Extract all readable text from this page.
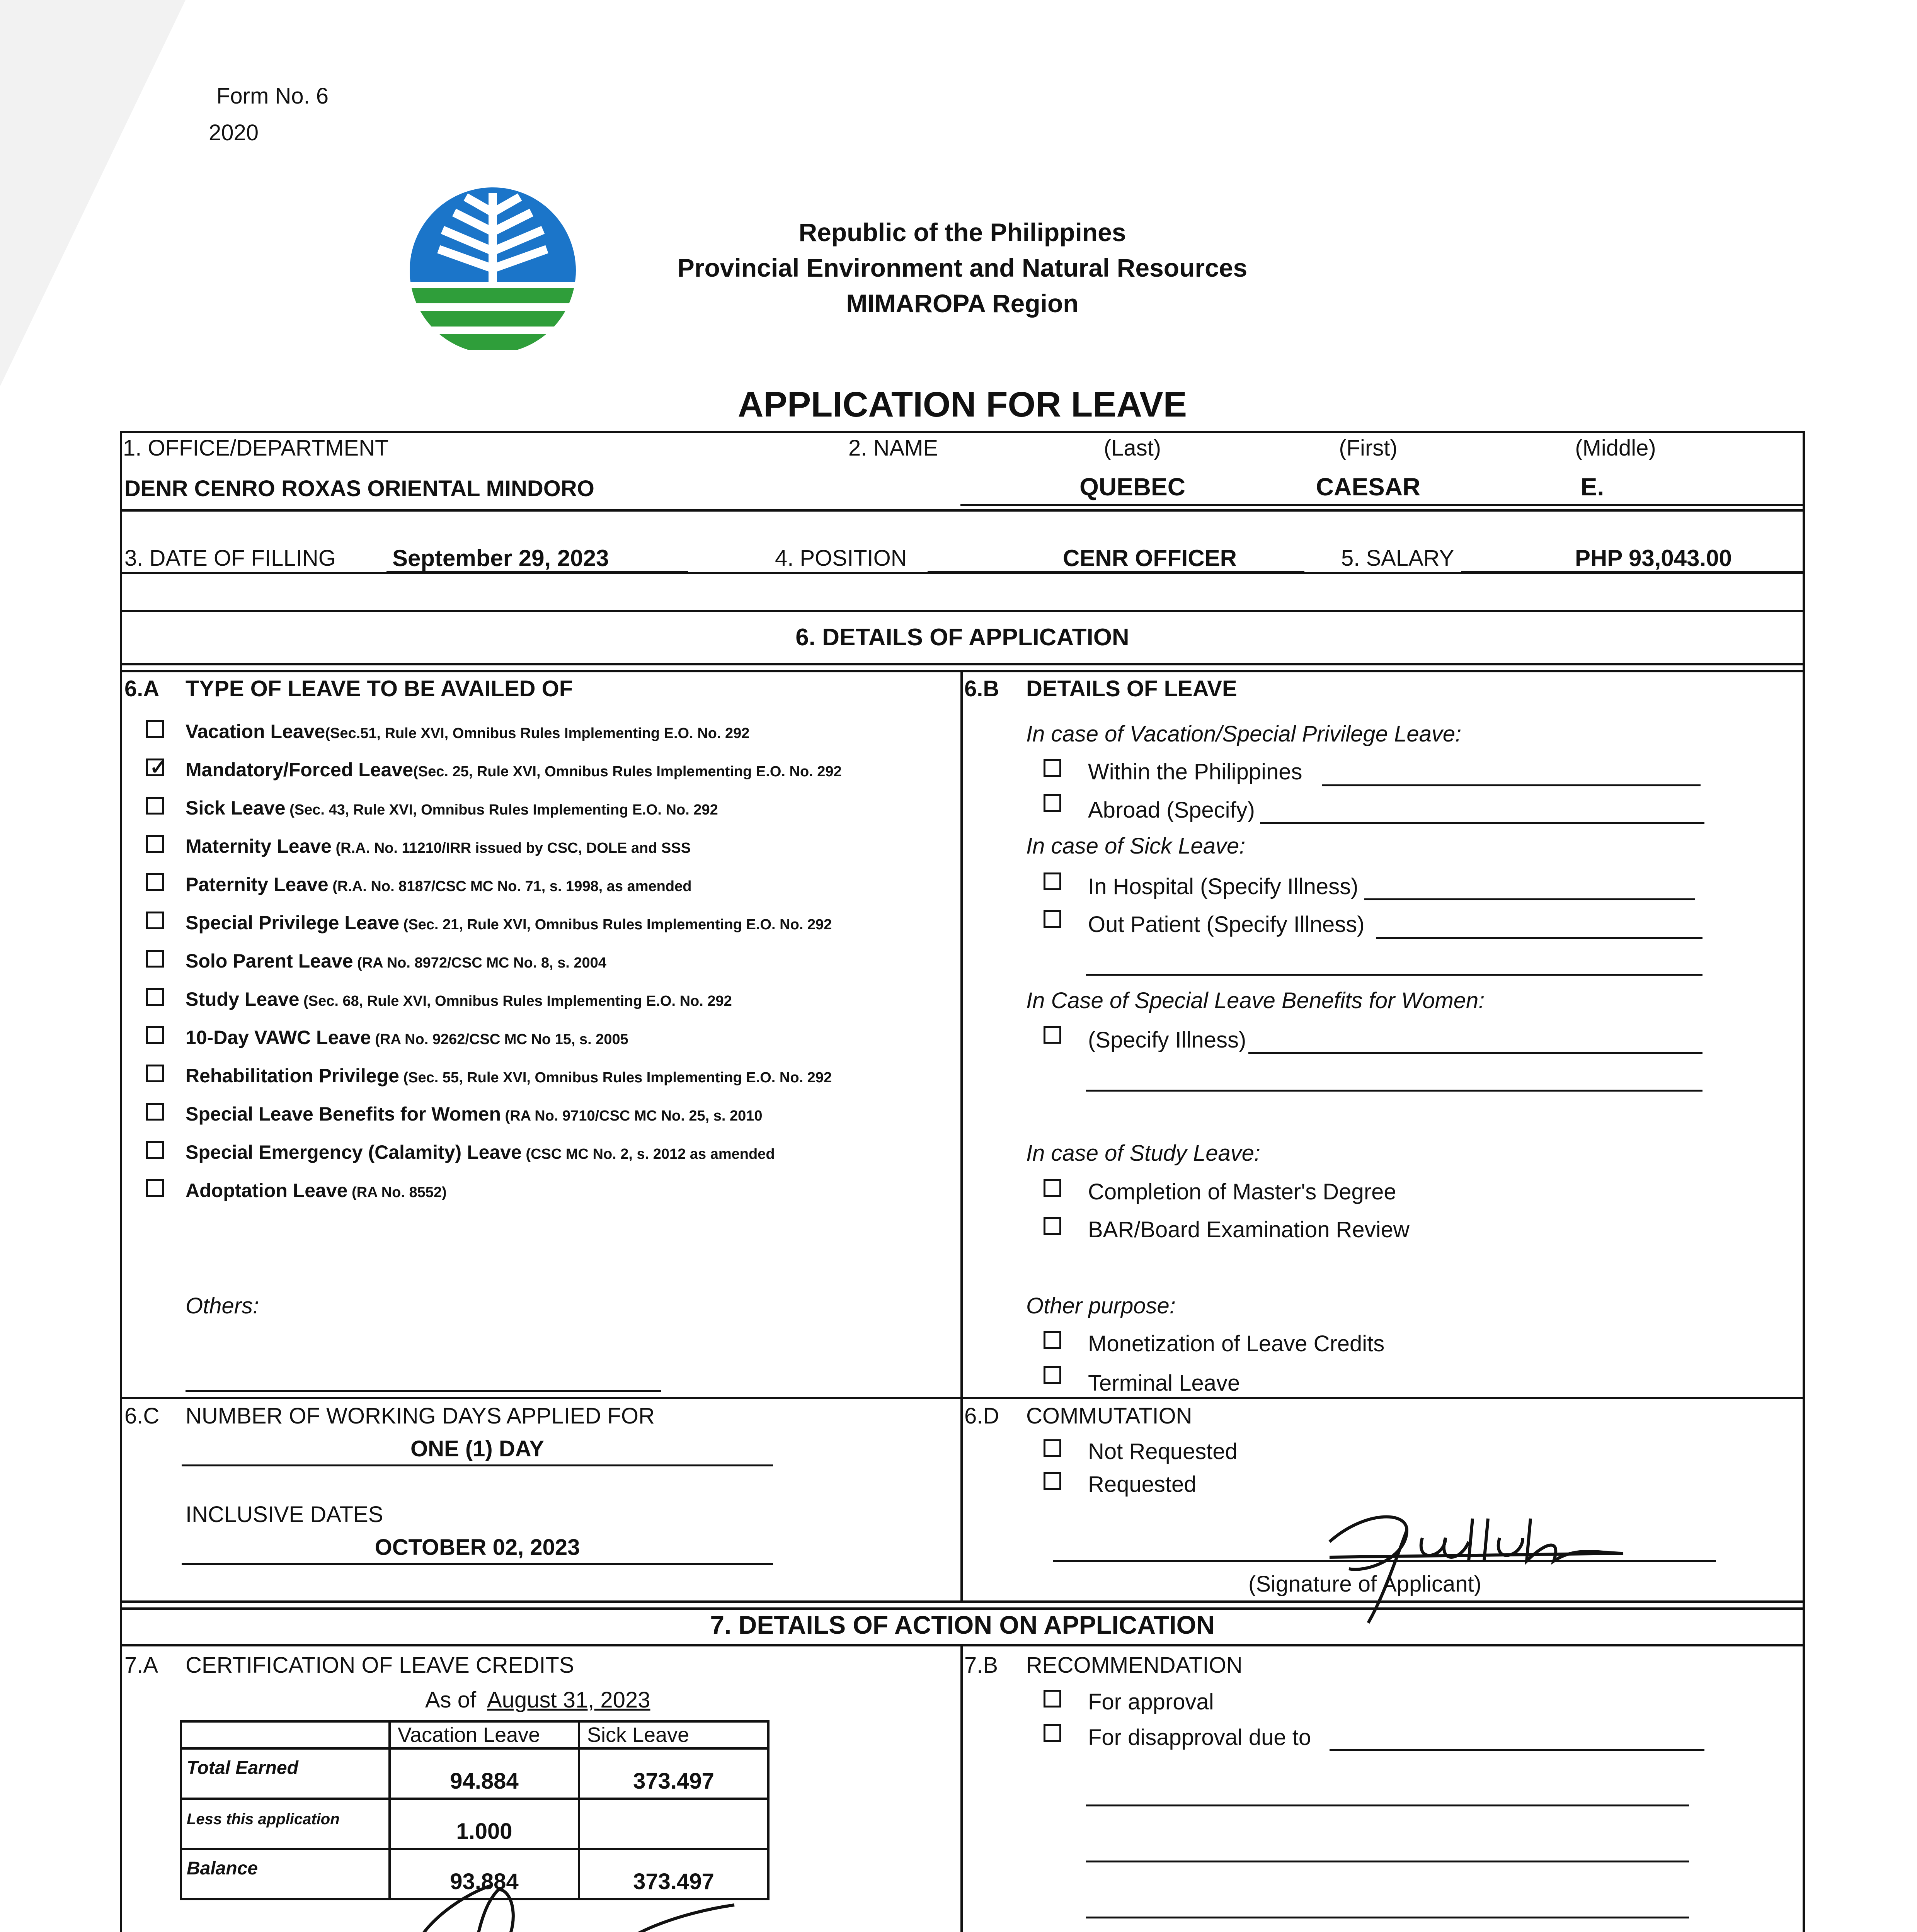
Form No. 6
2020
Republic of the Philippines
Provincial Environment and Natural Resources
MIMAROPA Region
APPLICATION FOR LEAVE
1. OFFICE/DEPARTMENT
DENR CENRO ROXAS ORIENTAL MINDORO
2. NAME	(Last)	(First)	(Middle)
QUEBEC	CAESAR	E.
3. DATE OF FILLING September 29, 2023	4. POSITION	CENR OFFICER	5. SALARY	PHP 93,043.00
6. DETAILS OF APPLICATION
6.A TYPE OF LEAVE TO BE AVAILED OF
Vacation Leave(Sec.51, Rule XVI, Omnibus Rules Implementing E.O. No. 292
✓
Mandatory/Forced Leave(Sec. 25, Rule XVI, Omnibus Rules Implementing E.O. No. 292
Sick Leave (Sec. 43, Rule XVI, Omnibus Rules Implementing E.O. No. 292
Maternity Leave (R.A. No. 11210/IRR issued by CSC, DOLE and SSS
Paternity Leave (R.A. No. 8187/CSC MC No. 71, s. 1998, as amended
Special Privilege Leave (Sec. 21, Rule XVI, Omnibus Rules Implementing E.O. No. 292
Solo Parent Leave (RA No. 8972/CSC MC No. 8, s. 2004
Study Leave (Sec. 68, Rule XVI, Omnibus Rules Implementing E.O. No. 292
10-Day VAWC Leave (RA No. 9262/CSC MC No 15, s. 2005
Rehabilitation Privilege (Sec. 55, Rule XVI, Omnibus Rules Implementing E.O. No. 292
Special Leave Benefits for Women (RA No. 9710/CSC MC No. 25, s. 2010
Special Emergency (Calamity) Leave (CSC MC No. 2, s. 2012 as amended
Adoptation Leave (RA No. 8552)
Others:
6.B DETAILS OF LEAVE
In case of Vacation/Special Privilege Leave:
Within the Philippines
Abroad (Specify)
In case of Sick Leave:
In Hospital (Specify Illness)
Out Patient (Specify Illness)
In Case of Special Leave Benefits for Women:
(Specify Illness)
In case of Study Leave:
Completion of Master's Degree
BAR/Board Examination Review
Other purpose:
Monetization of Leave Credits
Terminal Leave
6.C NUMBER OF WORKING DAYS APPLIED FOR
ONE (1) DAY
INCLUSIVE DATES
OCTOBER 02, 2023
6.D COMMUTATION
Not Requested
Requested
(Signature of Applicant)
7. DETAILS OF ACTION ON APPLICATION
7.A CERTIFICATION OF LEAVE CREDITS
As of August 31, 2023
	Vacation Leave	Sick Leave
Total Earned	94.884	373.497
Less this application	1.000	
Balance	93.884	373.497
7.B RECOMMENDATION
For approval
For disapproval due to
